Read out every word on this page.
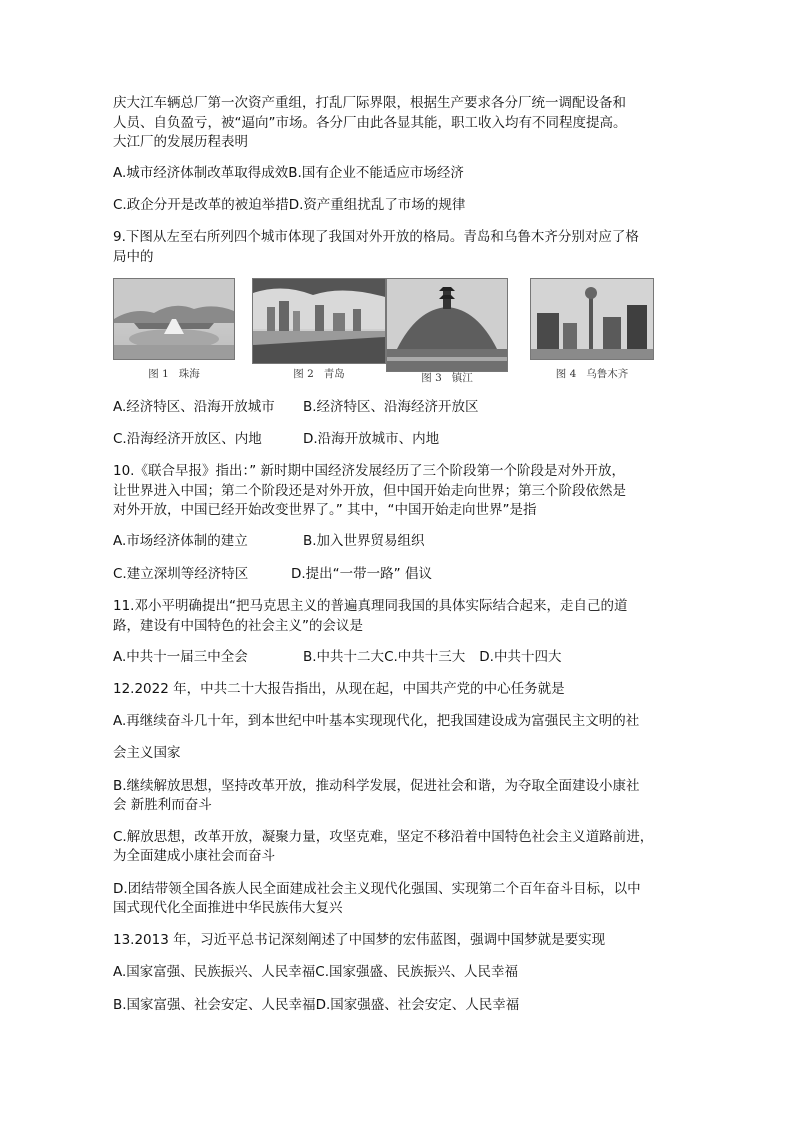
庆大江车辆总厂第一次资产重组，打乱厂际界限，根据生产要求各分厂统一调配设备和
人员、自负盈亏，被“逼向”市场。各分厂由此各显其能，职工收入均有不同程度提高。
大江厂的发展历程表明
A.城市经济体制改革取得成效B.国有企业不能适应市场经济
C.政企分开是改革的被迫举措D.资产重组扰乱了市场的规律
9.下图从左至右所列四个城市体现了我国对外开放的格局。青岛和乌鲁木齐分别对应了格
局中的
图 1 珠海	图 2 青岛	图 3 镇江	图 4 乌鲁木齐
A.经济特区、沿海开放城市 B.经济特区、沿海经济开放区
C.沿海经济开放区、内地	D.沿海开放城市、内地
10.《联合早报》指出：” 新时期中国经济发展经历了三个阶段第一个阶段是对外开放，
让世界进入中国；第二个阶段还是对外开放，但中国开始走向世界；第三个阶段依然是
对外开放，中国已经开始改变世界了。” 其中，“中国开始走向世界”是指
A.市场经济体制的建立	B.加入世界贸易组织
C.建立深圳等经济特区	D.提出“一带一路” 倡议
11.邓小平明确提出“把马克思主义的普遍真理同我国的具体实际结合起来，走自己的道
路，建设有中国特色的社会主义”的会议是
A.中共十一届三中全会	B.中共十二大C.中共十三大 D.中共十四大
12.2022 年，中共二十大报告指出，从现在起，中国共产党的中心任务就是
A.再继续奋斗几十年，到本世纪中叶基本实现现代化，把我国建设成为富强民主文明的社
会主义国家
B.继续解放思想，坚持改革开放，推动科学发展，促进社会和谐，为夺取全面建设小康社
会 新胜利而奋斗
C.解放思想，改革开放，凝聚力量，攻坚克难，坚定不移沿着中国特色社会主义道路前进，
为全面建成小康社会而奋斗
D.团结带领全国各族人民全面建成社会主义现代化强国、实现第二个百年奋斗目标，以中
国式现代化全面推进中华民族伟大复兴
13.2013 年，习近平总书记深刻阐述了中国梦的宏伟蓝图，强调中国梦就是要实现
A.国家富强、民族振兴、人民幸福C.国家强盛、民族振兴、人民幸福
B.国家富强、社会安定、人民幸福D.国家强盛、社会安定、人民幸福
